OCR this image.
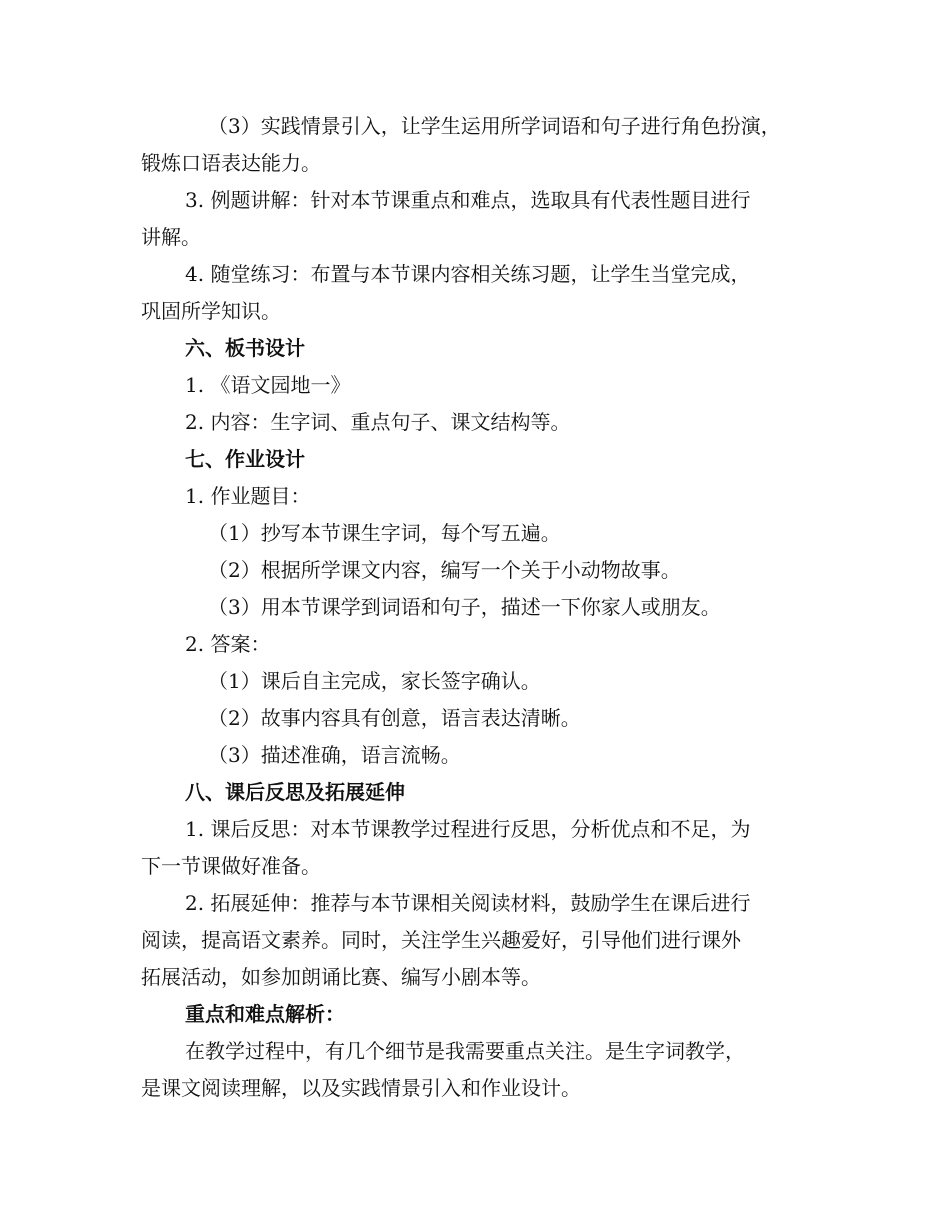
（3）实践情景引入，让学生运用所学词语和句子进行角色扮演，
锻炼口语表达能力。
3. 例题讲解：针对本节课重点和难点，选取具有代表性题目进行
讲解。
4. 随堂练习：布置与本节课内容相关练习题，让学生当堂完成，
巩固所学知识。
六、板书设计
1. 《语文园地一》
2. 内容：生字词、重点句子、课文结构等。
七、作业设计
1. 作业题目：
（1）抄写本节课生字词，每个写五遍。
（2）根据所学课文内容，编写一个关于小动物故事。
（3）用本节课学到词语和句子，描述一下你家人或朋友。
2. 答案：
（1）课后自主完成，家长签字确认。
（2）故事内容具有创意，语言表达清晰。
（3）描述准确，语言流畅。
八、课后反思及拓展延伸
1. 课后反思：对本节课教学过程进行反思，分析优点和不足，为
下一节课做好准备。
2. 拓展延伸：推荐与本节课相关阅读材料，鼓励学生在课后进行
阅读，提高语文素养。同时，关注学生兴趣爱好，引导他们进行课外
拓展活动，如参加朗诵比赛、编写小剧本等。
重点和难点解析：
在教学过程中，有几个细节是我需要重点关注。是生字词教学，
是课文阅读理解，以及实践情景引入和作业设计。
